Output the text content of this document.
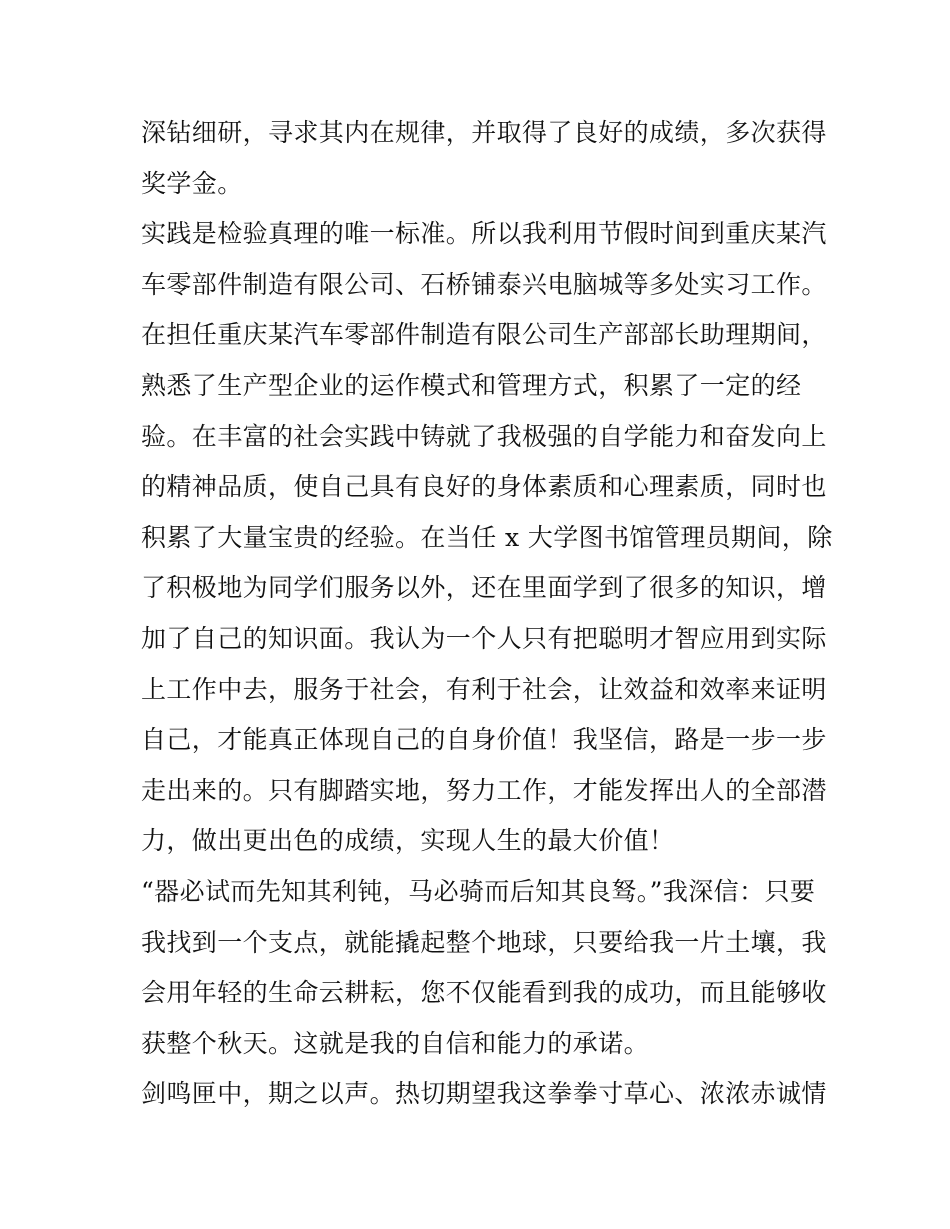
深钻细研，寻求其内在规律，并取得了良好的成绩，多次获得
奖学金。
实践是检验真理的唯一标准。所以我利用节假时间到重庆某汽
车零部件制造有限公司、石桥铺泰兴电脑城等多处实习工作。
在担任重庆某汽车零部件制造有限公司生产部部长助理期间，
熟悉了生产型企业的运作模式和管理方式，积累了一定的经
验。在丰富的社会实践中铸就了我极强的自学能力和奋发向上
的精神品质，使自己具有良好的身体素质和心理素质，同时也
积累了大量宝贵的经验。在当任 x 大学图书馆管理员期间，除
了积极地为同学们服务以外，还在里面学到了很多的知识，增
加了自己的知识面。我认为一个人只有把聪明才智应用到实际
上工作中去，服务于社会，有利于社会，让效益和效率来证明
自己，才能真正体现自己的自身价值！我坚信，路是一步一步
走出来的。只有脚踏实地，努力工作，才能发挥出人的全部潜
力，做出更出色的成绩，实现人生的最大价值！
“器必试而先知其利钝，马必骑而后知其良驽。”我深信：只要
我找到一个支点，就能撬起整个地球，只要给我一片土壤，我
会用年轻的生命云耕耘，您不仅能看到我的成功，而且能够收
获整个秋天。这就是我的自信和能力的承诺。
剑鸣匣中，期之以声。热切期望我这拳拳寸草心、浓浓赤诚情
